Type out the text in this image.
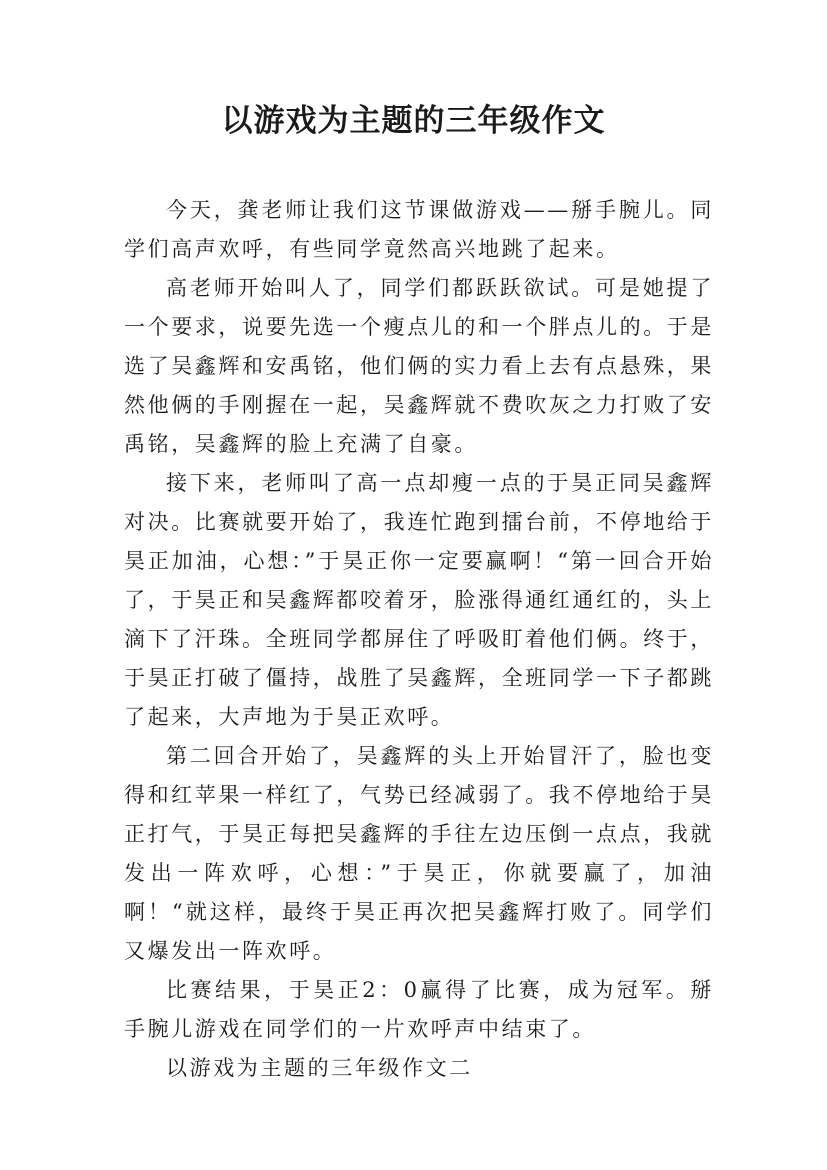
以游戏为主题的三年级作文

今天，龚老师让我们这节课做游戏——掰手腕儿。同学们高声欢呼，有些同学竟然高兴地跳了起来。

高老师开始叫人了，同学们都跃跃欲试。可是她提了一个要求，说要先选一个瘦点儿的和一个胖点儿的。于是选了吴鑫辉和安禹铭，他们俩的实力看上去有点悬殊，果然他俩的手刚握在一起，吴鑫辉就不费吹灰之力打败了安禹铭，吴鑫辉的脸上充满了自豪。

接下来，老师叫了高一点却瘦一点的于昊正同吴鑫辉对决。比赛就要开始了，我连忙跑到擂台前，不停地给于昊正加油，心想：”于昊正你一定要赢啊！“第一回合开始了，于昊正和吴鑫辉都咬着牙，脸涨得通红通红的，头上滴下了汗珠。全班同学都屏住了呼吸盯着他们俩。终于，于昊正打破了僵持，战胜了吴鑫辉，全班同学一下子都跳了起来，大声地为于昊正欢呼。

第二回合开始了，吴鑫辉的头上开始冒汗了，脸也变得和红苹果一样红了，气势已经减弱了。我不停地给于昊正打气，于昊正每把吴鑫辉的手往左边压倒一点点，我就发出一阵欢呼，心想：”于昊正，你就要赢了，加油啊！“就这样，最终于昊正再次把吴鑫辉打败了。同学们又爆发出一阵欢呼。

比赛结果，于昊正2：0赢得了比赛，成为冠军。掰手腕儿游戏在同学们的一片欢呼声中结束了。

以游戏为主题的三年级作文二
